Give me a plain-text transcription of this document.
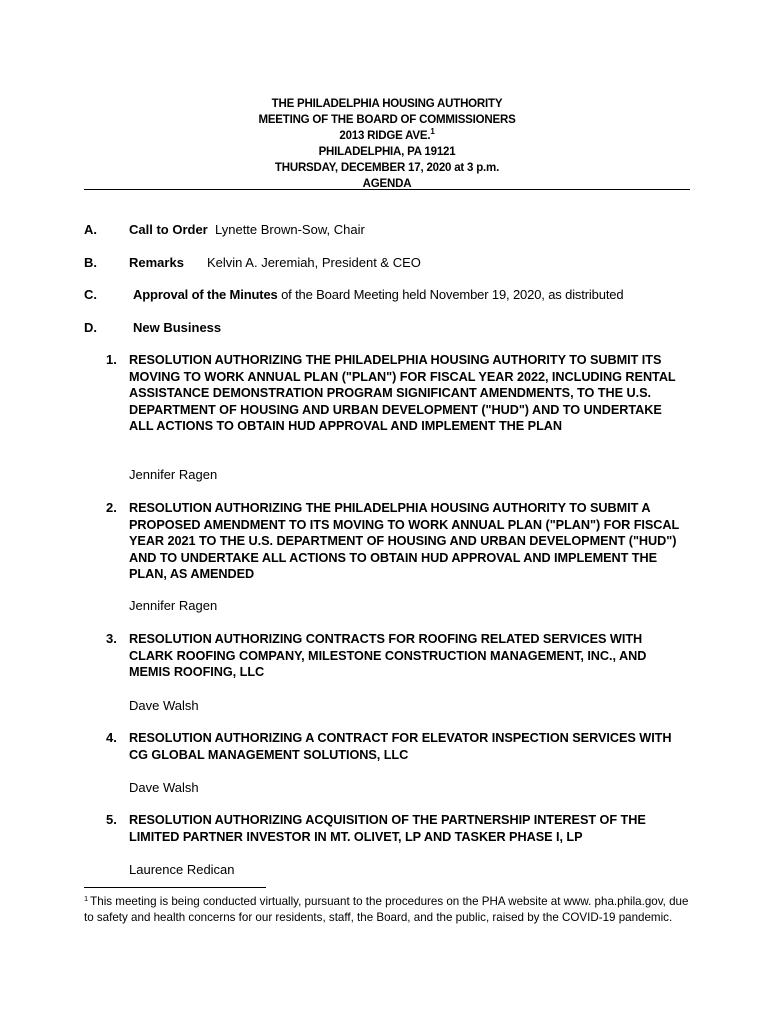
THE PHILADELPHIA HOUSING AUTHORITY
MEETING OF THE BOARD OF COMMISSIONERS
2013 RIDGE AVE.$^1$
PHILADELPHIA, PA 19121
THURSDAY, DECEMBER 17, 2020 at 3 p.m.
AGENDA
A. Call to Order Lynette Brown-Sow, Chair
B. Remarks Kelvin A. Jeremiah, President & CEO
C.	Approval of the Minutes of the Board Meeting held November 19, 2020, as distributed
D.	New Business
1. RESOLUTION AUTHORIZING THE PHILADELPHIA HOUSING AUTHORITY TO SUBMIT ITS MOVING TO WORK ANNUAL PLAN ("PLAN") FOR FISCAL YEAR 2022, INCLUDING RENTAL ASSISTANCE DEMONSTRATION PROGRAM SIGNIFICANT AMENDMENTS, TO THE U.S. DEPARTMENT OF HOUSING AND URBAN DEVELOPMENT ("HUD") AND TO UNDERTAKE ALL ACTIONS TO OBTAIN HUD APPROVAL AND IMPLEMENT THE PLAN
Jennifer Ragen
2. RESOLUTION AUTHORIZING THE PHILADELPHIA HOUSING AUTHORITY TO SUBMIT A PROPOSED AMENDMENT TO ITS MOVING TO WORK ANNUAL PLAN ("PLAN") FOR FISCAL YEAR 2021 TO THE U.S. DEPARTMENT OF HOUSING AND URBAN DEVELOPMENT ("HUD") AND TO UNDERTAKE ALL ACTIONS TO OBTAIN HUD APPROVAL AND IMPLEMENT THE PLAN, AS AMENDED
Jennifer Ragen
3. RESOLUTION AUTHORIZING CONTRACTS FOR ROOFING RELATED SERVICES WITH CLARK ROOFING COMPANY, MILESTONE CONSTRUCTION MANAGEMENT, INC., AND MEMIS ROOFING, LLC
Dave Walsh
4. RESOLUTION AUTHORIZING A CONTRACT FOR ELEVATOR INSPECTION SERVICES WITH CG GLOBAL MANAGEMENT SOLUTIONS, LLC
Dave Walsh
5. RESOLUTION AUTHORIZING ACQUISITION OF THE PARTNERSHIP INTEREST OF THE LIMITED PARTNER INVESTOR IN MT. OLIVET, LP AND TASKER PHASE I, LP
Laurence Redican
$^1$ This meeting is being conducted virtually, pursuant to the procedures on the PHA website at www. pha.phila.gov, due to safety and health concerns for our residents, staff, the Board, and the public, raised by the COVID-19 pandemic.
